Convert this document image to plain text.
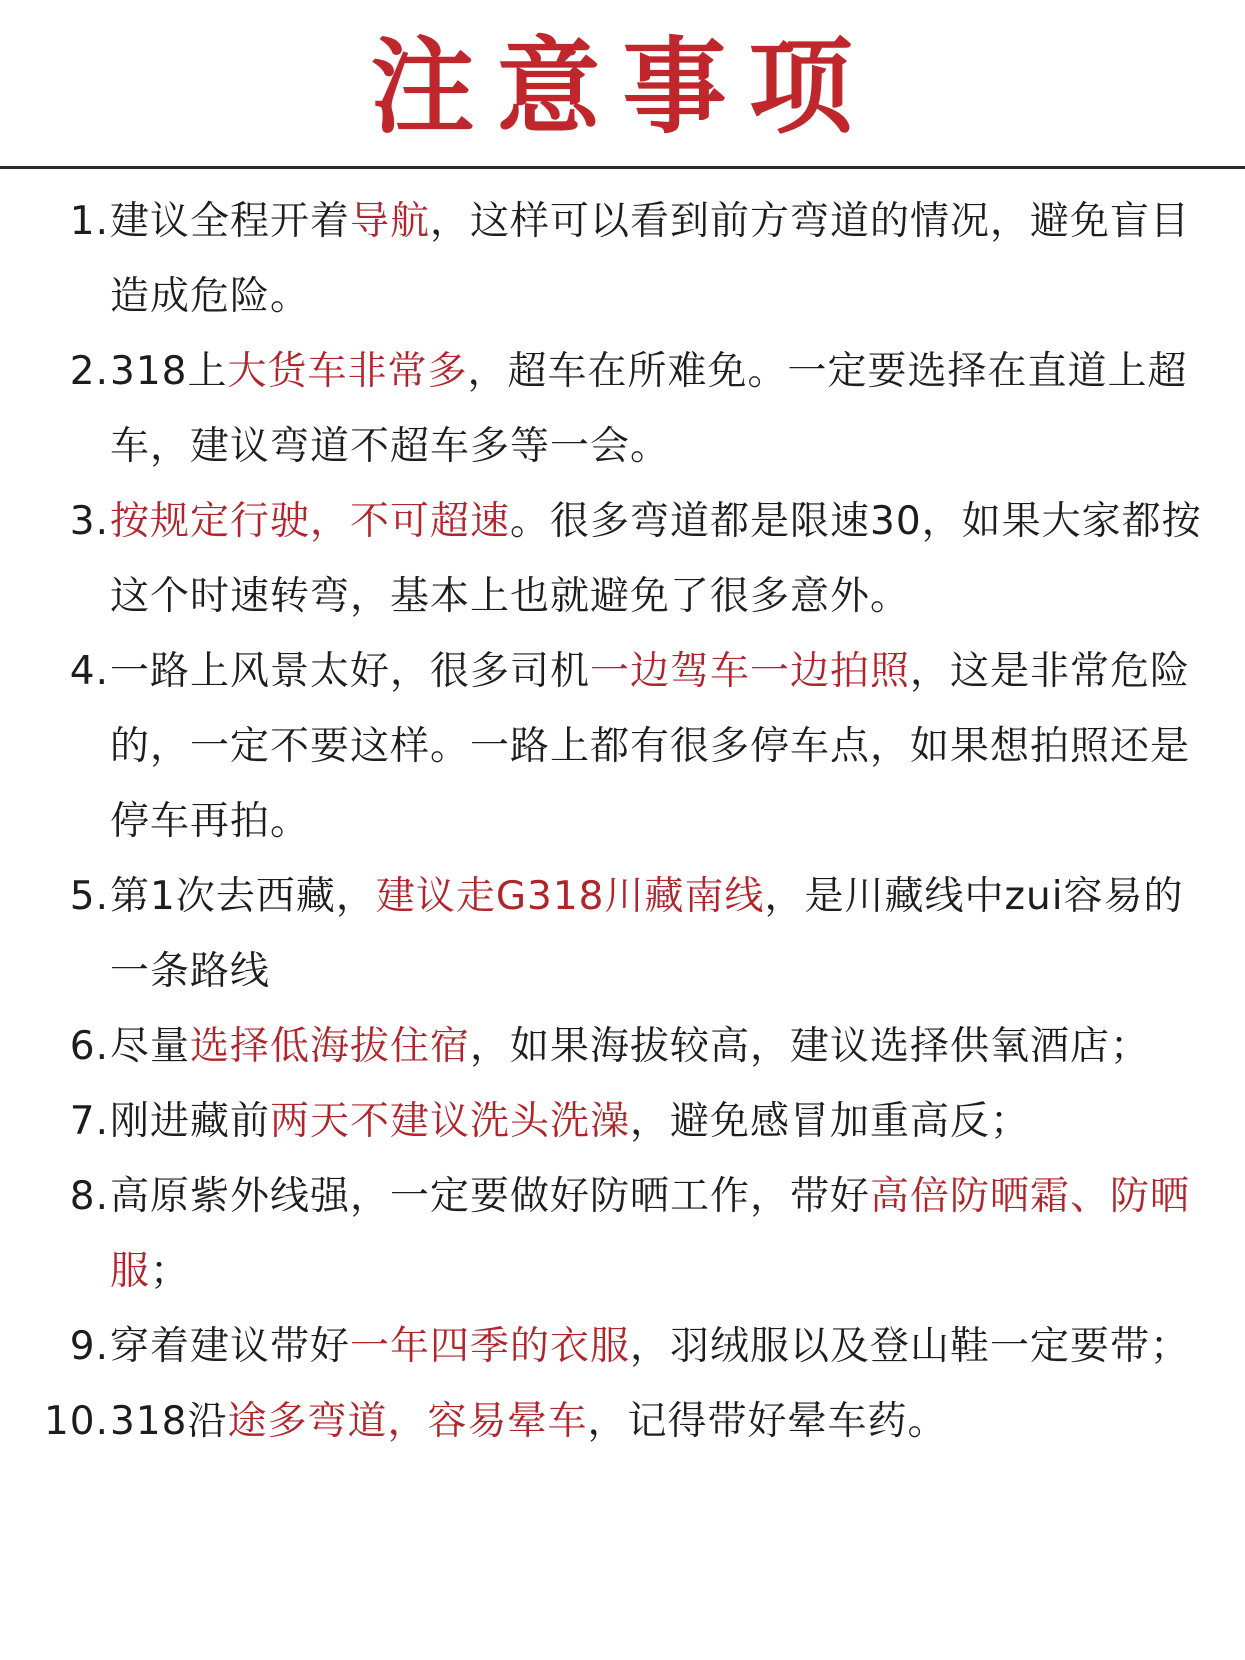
注意事项
1. 建议全程开着导航，这样可以看到前方弯道的情况，避免盲目造成危险。
2. 318上大货车非常多，超车在所难免。一定要选择在直道上超车，建议弯道不超车多等一会。
3. 按规定行驶，不可超速。很多弯道都是限速30，如果大家都按这个时速转弯，基本上也就避免了很多意外。
4. 一路上风景太好，很多司机一边驾车一边拍照，这是非常危险的，一定不要这样。一路上都有很多停车点，如果想拍照还是停车再拍。
5. 第1次去西藏，建议走G318川藏南线，是川藏线中zui容易的一条路线
6. 尽量选择低海拔住宿，如果海拔较高，建议选择供氧酒店；
7. 刚进藏前两天不建议洗头洗澡，避免感冒加重高反；
8. 高原紫外线强，一定要做好防晒工作，带好高倍防晒霜、防晒服；
9. 穿着建议带好一年四季的衣服，羽绒服以及登山鞋一定要带；
10. 318沿途多弯道，容易晕车，记得带好晕车药。
